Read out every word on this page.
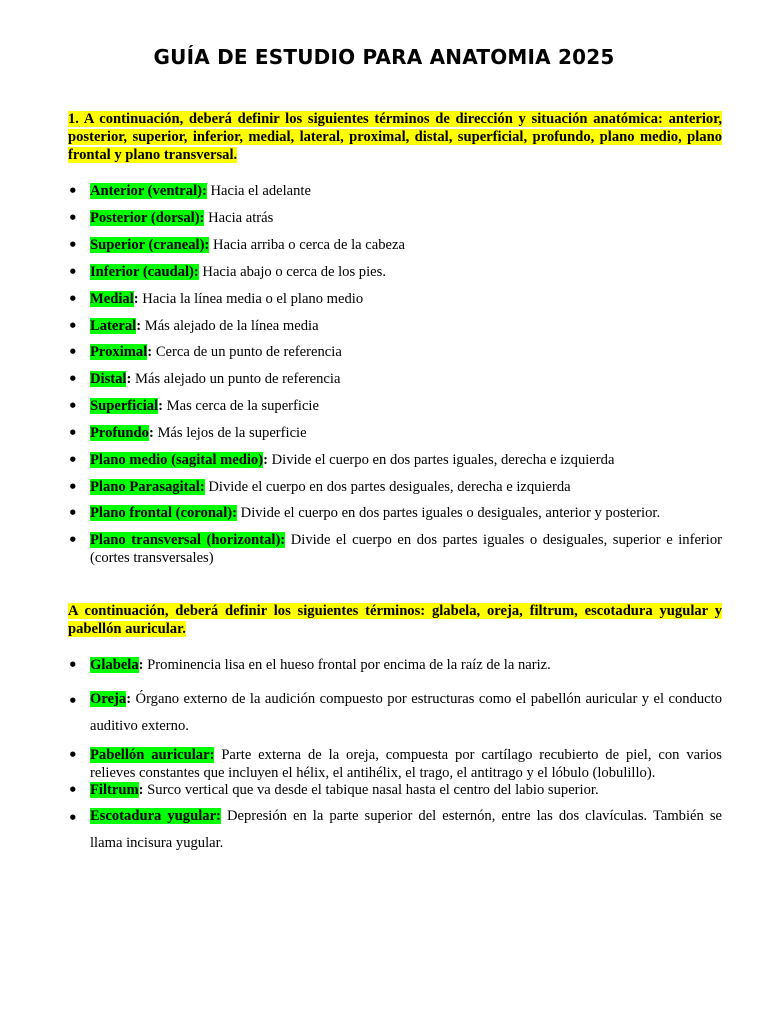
GUÍA DE ESTUDIO PARA ANATOMIA 2025
1. A continuación, deberá definir los siguientes términos de dirección y situación anatómica: anterior, posterior, superior, inferior, medial, lateral, proximal, distal, superficial, profundo, plano medio, plano frontal y plano transversal.
• Anterior (ventral): Hacia el adelante
• Posterior (dorsal): Hacia atrás
• Superior (craneal): Hacia arriba o cerca de la cabeza
• Inferior (caudal): Hacia abajo o cerca de los pies.
• Medial: Hacia la línea media o el plano medio
• Lateral: Más alejado de la línea media
• Proximal: Cerca de un punto de referencia
• Distal: Más alejado un punto de referencia
• Superficial: Mas cerca de la superficie
• Profundo: Más lejos de la superficie
• Plano medio (sagital medio): Divide el cuerpo en dos partes iguales, derecha e izquierda
• Plano Parasagital: Divide el cuerpo en dos partes desiguales, derecha e izquierda
• Plano frontal (coronal): Divide el cuerpo en dos partes iguales o desiguales, anterior y posterior.
• Plano transversal (horizontal): Divide el cuerpo en dos partes iguales o desiguales, superior e inferior (cortes transversales)
A continuación, deberá definir los siguientes términos: glabela, oreja, filtrum, escotadura yugular y pabellón auricular.
• Glabela: Prominencia lisa en el hueso frontal por encima de la raíz de la nariz.
• Oreja: Órgano externo de la audición compuesto por estructuras como el pabellón auricular y el conducto auditivo externo.
• Pabellón auricular: Parte externa de la oreja, compuesta por cartílago recubierto de piel, con varios relieves constantes que incluyen el hélix, el antihélix, el trago, el antitrago y el lóbulo (lobulillo).
• Filtrum: Surco vertical que va desde el tabique nasal hasta el centro del labio superior.
• Escotadura yugular: Depresión en la parte superior del esternón, entre las dos clavículas. También se llama incisura yugular.
